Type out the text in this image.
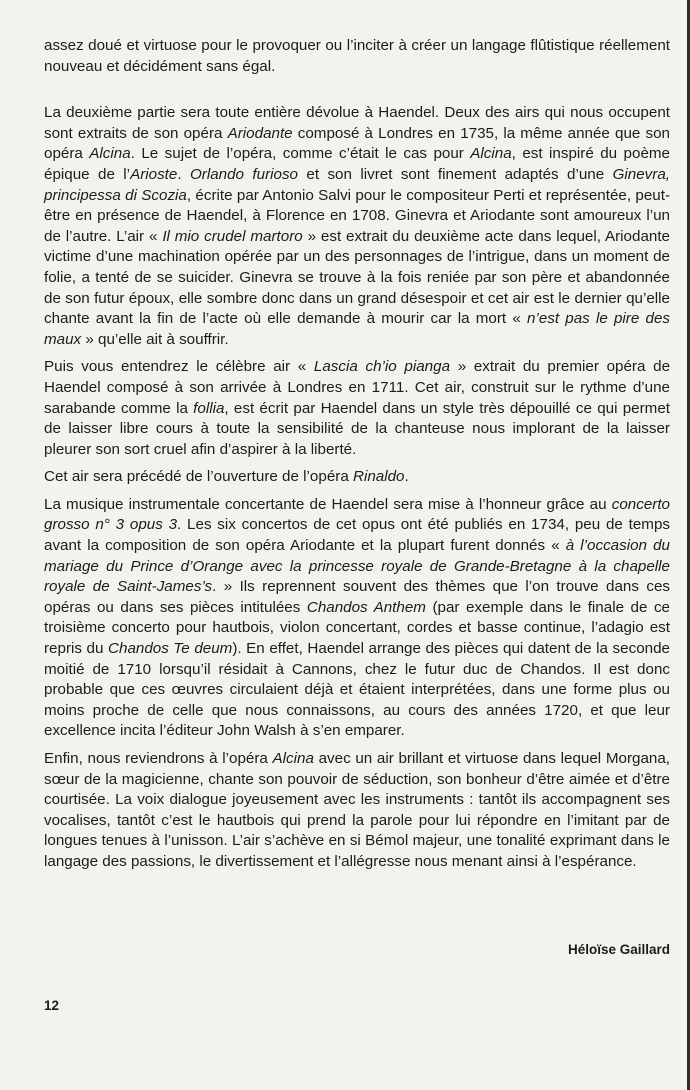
assez doué et virtuose pour le provoquer ou l’inciter à créer un langage flûtistique réellement nouveau et décidément sans égal.

La deuxième partie sera toute entière dévolue à Haendel. Deux des airs qui nous occupent sont extraits de son opéra Ariodante composé à Londres en 1735, la même année que son opéra Alcina. Le sujet de l’opéra, comme c’était le cas pour Alcina, est inspiré du poème épique de l’Arioste. Orlando furioso et son livret sont finement adaptés d’une Ginevra, principessa di Scozia, écrite par Antonio Salvi pour le compositeur Perti et représentée, peut-être en présence de Haendel, à Florence en 1708. Ginevra et Ariodante sont amoureux l’un de l’autre. L’air « Il mio crudel martoro » est extrait du deuxième acte dans lequel, Ariodante victime d’une machination opérée par un des personnages de l’intrigue, dans un moment de folie, a tenté de se suicider. Ginevra se trouve à la fois reniée par son père et abandonnée de son futur époux, elle sombre donc dans un grand désespoir et cet air est le dernier qu’elle chante avant la fin de l’acte où elle demande à mourir car la mort « n’est pas le pire des maux » qu’elle ait à souffrir.

Puis vous entendrez le célèbre air « Lascia ch’io pianga » extrait du premier opéra de Haendel composé à son arrivée à Londres en 1711. Cet air, construit sur le rythme d’une sarabande comme la follia, est écrit par Haendel dans un style très dépouillé ce qui permet de laisser libre cours à toute la sensibilité de la chanteuse nous implorant de la laisser pleurer son sort cruel afin d’aspirer à la liberté.

Cet air sera précédé de l’ouverture de l’opéra Rinaldo.

La musique instrumentale concertante de Haendel sera mise à l’honneur grâce au concerto grosso n° 3 opus 3. Les six concertos de cet opus ont été publiés en 1734, peu de temps avant la composition de son opéra Ariodante et la plupart furent donnés « à l’occasion du mariage du Prince d’Orange avec la princesse royale de Grande-Bretagne à la chapelle royale de Saint-James’s. » Ils reprennent souvent des thèmes que l’on trouve dans ces opéras ou dans ses pièces intitulées Chandos Anthem (par exemple dans le finale de ce troisième concerto pour hautbois, violon concertant, cordes et basse continue, l’adagio est repris du Chandos Te deum). En effet, Haendel arrange des pièces qui datent de la seconde moitié de 1710 lorsqu’il résidait à Cannons, chez le futur duc de Chandos. Il est donc probable que ces œuvres circulaient déjà et étaient interprétées, dans une forme plus ou moins proche de celle que nous connaissons, au cours des années 1720, et que leur excellence incita l’éditeur John Walsh à s’en emparer.

Enfin, nous reviendrons à l’opéra Alcina avec un air brillant et virtuose dans lequel Morgana, sœur de la magicienne, chante son pouvoir de séduction, son bonheur d’être aimée et d’être courtisée. La voix dialogue joyeusement avec les instruments : tantôt ils accompagnent ses vocalises, tantôt c’est le hautbois qui prend la parole pour lui répondre en l’imitant par de longues tenues à l’unisson. L’air s’achève en si Bémol majeur, une tonalité exprimant dans le langage des passions, le divertissement et l’allégresse nous menant ainsi à l’espérance.

Héloïse Gaillard
12
